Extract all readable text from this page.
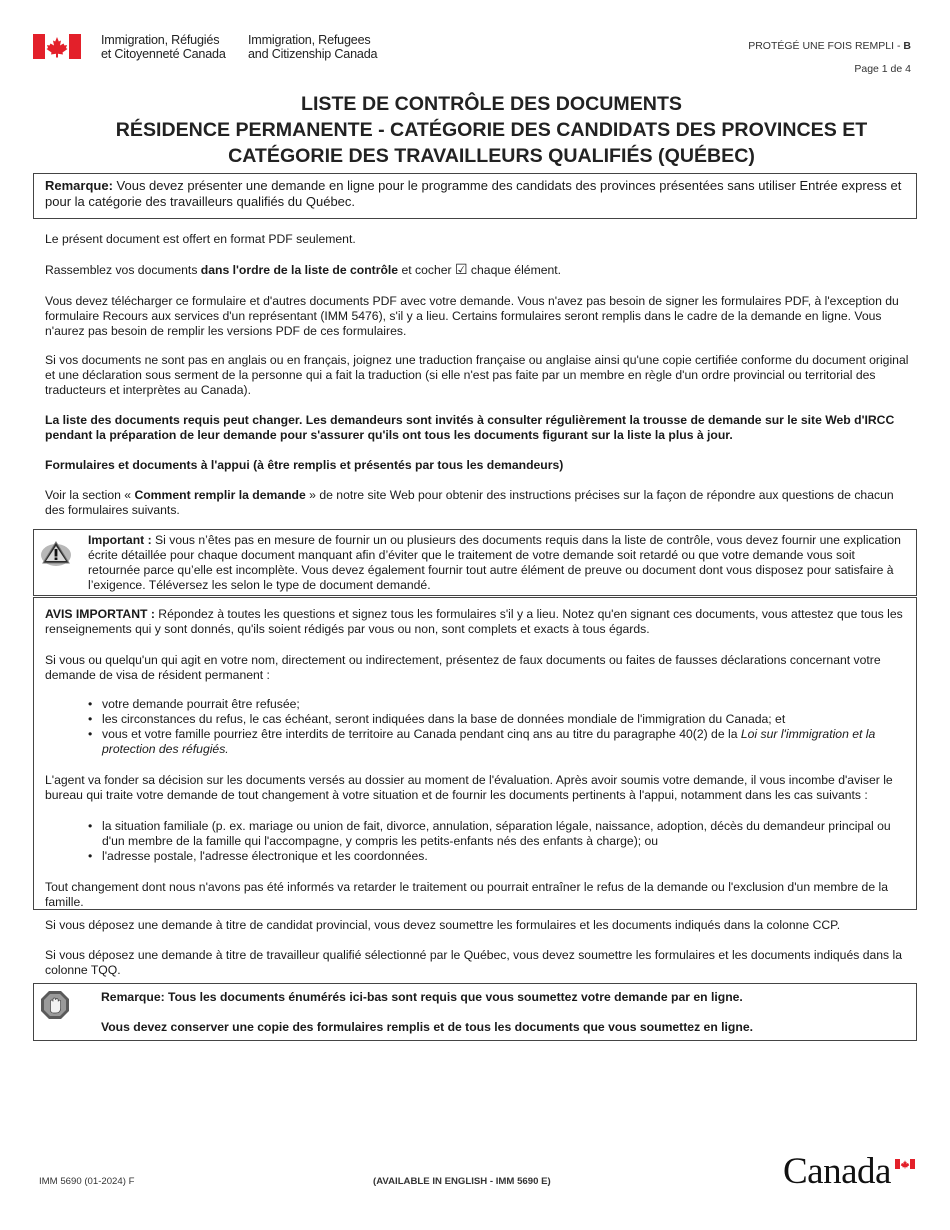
Immigration, Réfugiés
et Citoyenneté Canada
Immigration, Refugees
and Citizenship Canada
PROTÉGÉ UNE FOIS REMPLI - B
Page 1 de 4
LISTE DE CONTRÔLE DES DOCUMENTS
RÉSIDENCE PERMANENTE - CATÉGORIE DES CANDIDATS DES PROVINCES ET
CATÉGORIE DES TRAVAILLEURS QUALIFIÉS (QUÉBEC)
Remarque: Vous devez présenter une demande en ligne pour le programme des candidats des provinces présentées sans utiliser Entrée express et pour la catégorie des travailleurs qualifiés du Québec.
Le présent document est offert en format PDF seulement.
Rassemblez vos documents dans l'ordre de la liste de contrôle et cocher ☑ chaque élément.
Vous devez télécharger ce formulaire et d'autres documents PDF avec votre demande. Vous n'avez pas besoin de signer les formulaires PDF, à l'exception du formulaire Recours aux services d'un représentant (IMM 5476), s'il y a lieu. Certains formulaires seront remplis dans le cadre de la demande en ligne. Vous n'aurez pas besoin de remplir les versions PDF de ces formulaires.
Si vos documents ne sont pas en anglais ou en français, joignez une traduction française ou anglaise ainsi qu'une copie certifiée conforme du document original et une déclaration sous serment de la personne qui a fait la traduction (si elle n'est pas faite par un membre en règle d'un ordre provincial ou territorial des traducteurs et interprètes au Canada).
La liste des documents requis peut changer. Les demandeurs sont invités à consulter régulièrement la trousse de demande sur le site Web d'IRCC pendant la préparation de leur demande pour s'assurer qu'ils ont tous les documents figurant sur la liste la plus à jour.
Formulaires et documents à l'appui (à être remplis et présentés par tous les demandeurs)
Voir la section « Comment remplir la demande » de notre site Web pour obtenir des instructions précises sur la façon de répondre aux questions de chacun des formulaires suivants.
Important : Si vous n’êtes pas en mesure de fournir un ou plusieurs des documents requis dans la liste de contrôle, vous devez fournir une explication écrite détaillée pour chaque document manquant afin d’éviter que le traitement de votre demande soit retardé ou que votre demande vous soit retournée parce qu’elle est incomplète. Vous devez également fournir tout autre élément de preuve ou document dont vous disposez pour satisfaire à l’exigence. Téléversez les selon le type de document demandé.
AVIS IMPORTANT : Répondez à toutes les questions et signez tous les formulaires s'il y a lieu. Notez qu'en signant ces documents, vous attestez que tous les renseignements qui y sont donnés, qu'ils soient rédigés par vous ou non, sont complets et exacts à tous égards.
Si vous ou quelqu'un qui agit en votre nom, directement ou indirectement, présentez de faux documents ou faites de fausses déclarations concernant votre demande de visa de résident permanent :
• votre demande pourrait être refusée;
• les circonstances du refus, le cas échéant, seront indiquées dans la base de données mondiale de l'immigration du Canada; et
• vous et votre famille pourriez être interdits de territoire au Canada pendant cinq ans au titre du paragraphe 40(2) de la Loi sur l'immigration et la protection des réfugiés.
L'agent va fonder sa décision sur les documents versés au dossier au moment de l'évaluation. Après avoir soumis votre demande, il vous incombe d'aviser le bureau qui traite votre demande de tout changement à votre situation et de fournir les documents pertinents à l'appui, notamment dans les cas suivants :
• la situation familiale (p. ex. mariage ou union de fait, divorce, annulation, séparation légale, naissance, adoption, décès du demandeur principal ou d'un membre de la famille qui l'accompagne, y compris les petits-enfants nés des enfants à charge); ou
• l'adresse postale, l'adresse électronique et les coordonnées.
Tout changement dont nous n'avons pas été informés va retarder le traitement ou pourrait entraîner le refus de la demande ou l'exclusion d'un membre de la famille.
Si vous déposez une demande à titre de candidat provincial, vous devez soumettre les formulaires et les documents indiqués dans la colonne CCP.
Si vous déposez une demande à titre de travailleur qualifié sélectionné par le Québec, vous devez soumettre les formulaires et les documents indiqués dans la colonne TQQ.
Remarque: Tous les documents énumérés ici-bas sont requis que vous soumettez votre demande par en ligne.
Vous devez conserver une copie des formulaires remplis et de tous les documents que vous soumettez en ligne.
IMM 5690 (01-2024) F	(AVAILABLE IN ENGLISH - IMM 5690 E)	Canada
